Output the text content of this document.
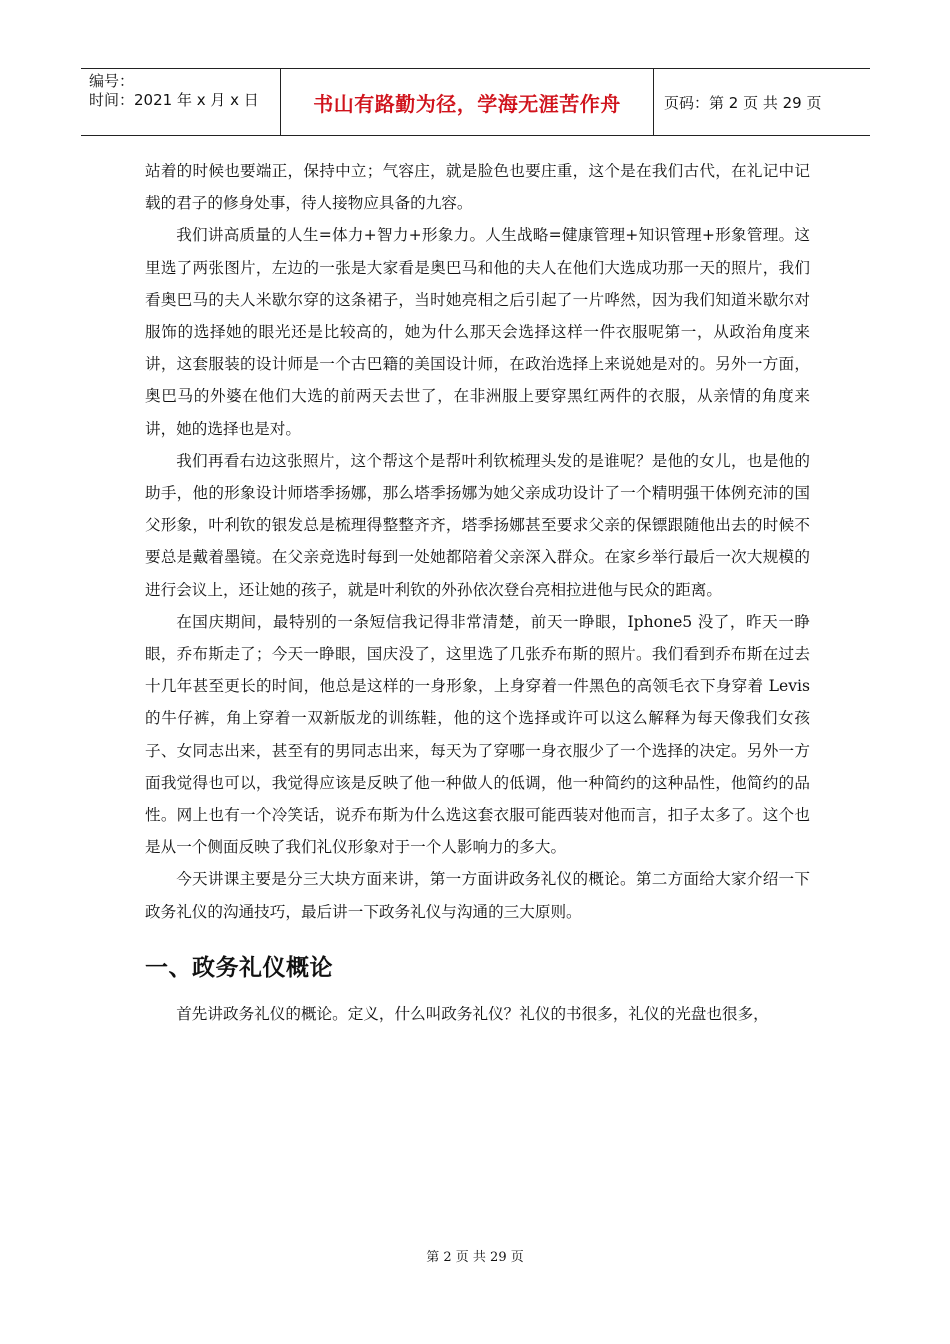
编号：
时间：2021 年 x 月 x 日	书山有路勤为径，学海无涯苦作舟	页码：第 2 页 共 29 页

站着的时候也要端正，保持中立；气容庄，就是脸色也要庄重，这个是在我们古代，在礼记中记载的君子的修身处事，待人接物应具备的九容。

我们讲高质量的人生=体力+智力+形象力。人生战略=健康管理+知识管理+形象管理。这里选了两张图片，左边的一张是大家看是奥巴马和他的夫人在他们大选成功那一天的照片，我们看奥巴马的夫人米歇尔穿的这条裙子，当时她亮相之后引起了一片哗然，因为我们知道米歇尔对服饰的选择她的眼光还是比较高的，她为什么那天会选择这样一件衣服呢第一，从政治角度来讲，这套服装的设计师是一个古巴籍的美国设计师，在政治选择上来说她是对的。另外一方面，奥巴马的外婆在他们大选的前两天去世了，在非洲服上要穿黑红两件的衣服，从亲情的角度来讲，她的选择也是对。

我们再看右边这张照片，这个帮这个是帮叶利钦梳理头发的是谁呢？是他的女儿，也是他的助手，他的形象设计师塔季扬娜，那么塔季扬娜为她父亲成功设计了一个精明强干体例充沛的国父形象，叶利钦的银发总是梳理得整整齐齐，塔季扬娜甚至要求父亲的保镖跟随他出去的时候不要总是戴着墨镜。在父亲竞选时每到一处她都陪着父亲深入群众。在家乡举行最后一次大规模的进行会议上，还让她的孩子，就是叶利钦的外孙依次登台亮相拉进他与民众的距离。

在国庆期间，最特别的一条短信我记得非常清楚，前天一睁眼，Iphone5 没了，昨天一睁眼，乔布斯走了；今天一睁眼，国庆没了，这里选了几张乔布斯的照片。我们看到乔布斯在过去十几年甚至更长的时间，他总是这样的一身形象，上身穿着一件黑色的高领毛衣下身穿着 Levis 的牛仔裤，角上穿着一双新版龙的训练鞋，他的这个选择或许可以这么解释为每天像我们女孩子、女同志出来，甚至有的男同志出来，每天为了穿哪一身衣服少了一个选择的决定。另外一方面我觉得也可以，我觉得应该是反映了他一种做人的低调，他一种简约的这种品性，他简约的品性。网上也有一个冷笑话，说乔布斯为什么选这套衣服可能西装对他而言，扣子太多了。这个也是从一个侧面反映了我们礼仪形象对于一个人影响力的多大。

今天讲课主要是分三大块方面来讲，第一方面讲政务礼仪的概论。第二方面给大家介绍一下政务礼仪的沟通技巧，最后讲一下政务礼仪与沟通的三大原则。

一、政务礼仪概论

首先讲政务礼仪的概论。定义，什么叫政务礼仪？礼仪的书很多，礼仪的光盘也很多，

第 2 页 共 29 页
